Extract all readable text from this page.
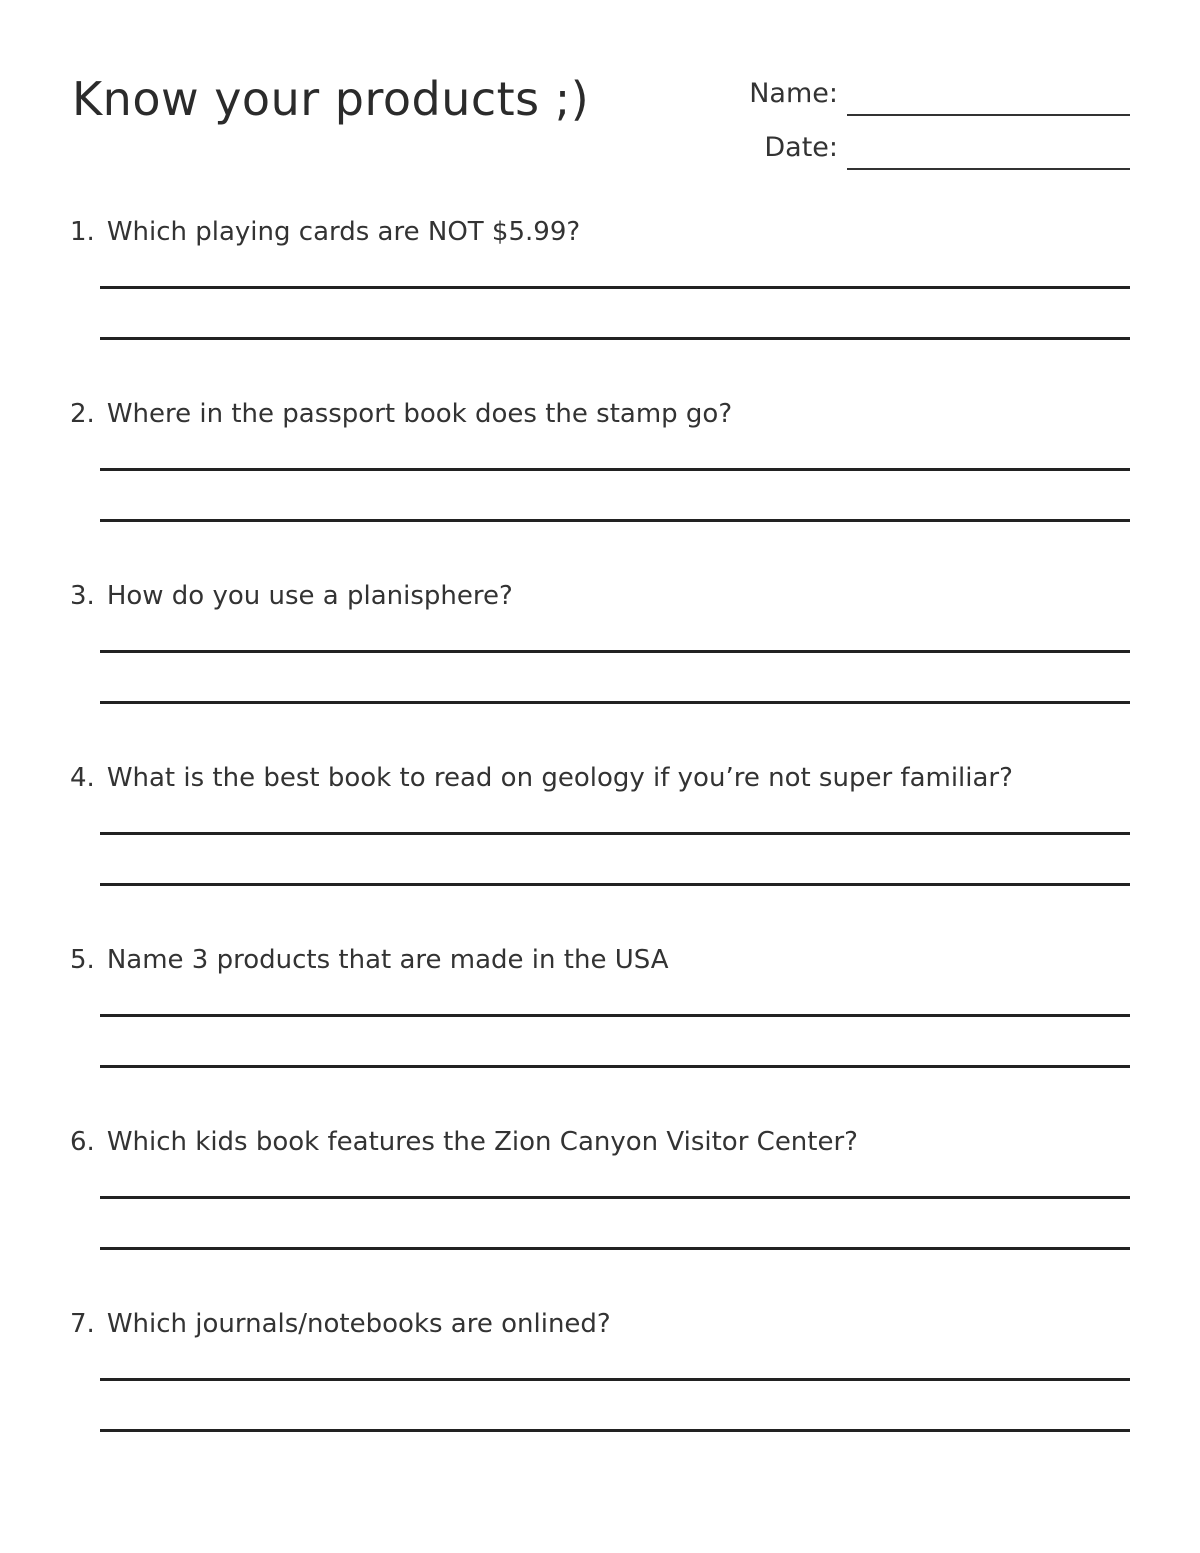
Know your products ;)	Name:
Date:
1. Which playing cards are NOT $5.99?
2. Where in the passport book does the stamp go?
3. How do you use a planisphere?
4. What is the best book to read on geology if you’re not super familiar?
5. Name 3 products that are made in the USA
6. Which kids book features the Zion Canyon Visitor Center?
7. Which journals/notebooks are onlined?
